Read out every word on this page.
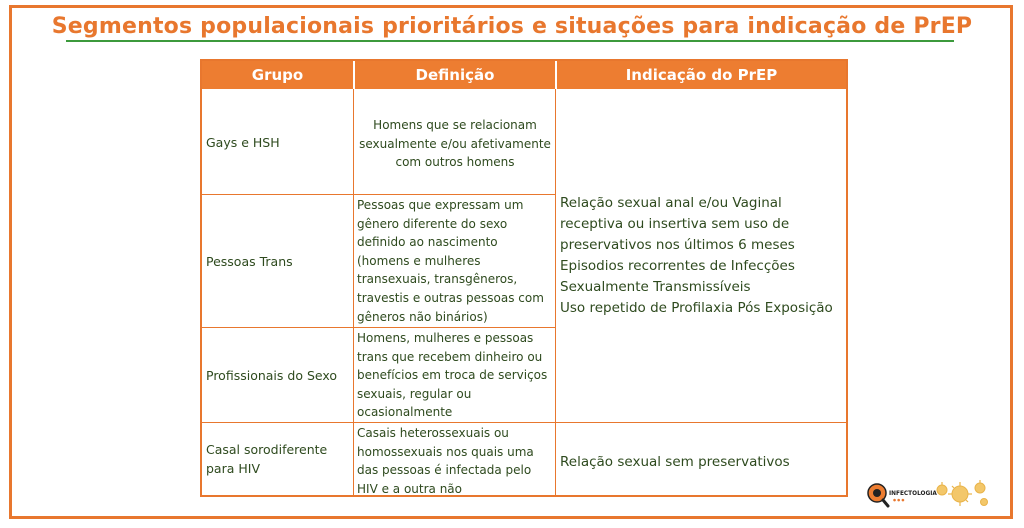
Segmentos populacionais prioritários e situações para indicação de PrEP
Grupo	Definição	Indicação do PrEP
Gays e HSH
Homens que se relacionam sexualmente e/ou afetivamente com outros homens
Pessoas Trans
Pessoas que expressam um gênero diferente do sexo definido ao nascimento (homens e mulheres transexuais, transgêneros, travestis e outras pessoas com gêneros não binários)
Profissionais do Sexo
Homens, mulheres e pessoas trans que recebem dinheiro ou benefícios em troca de serviços sexuais, regular ou ocasionalmente
Casal sorodiferente para HIV
Casais heterossexuais ou homossexuais nos quais uma das pessoas é infectada pelo HIV e a outra não
Relação sexual anal e/ou Vaginal receptiva ou insertiva sem uso de preservativos nos últimos 6 meses
Episodios recorrentes de Infecções Sexualmente Transmissíveis
Uso repetido de Profilaxia Pós Exposição
Relação sexual sem preservativos
INFECTOLOGIA
● ● ●
